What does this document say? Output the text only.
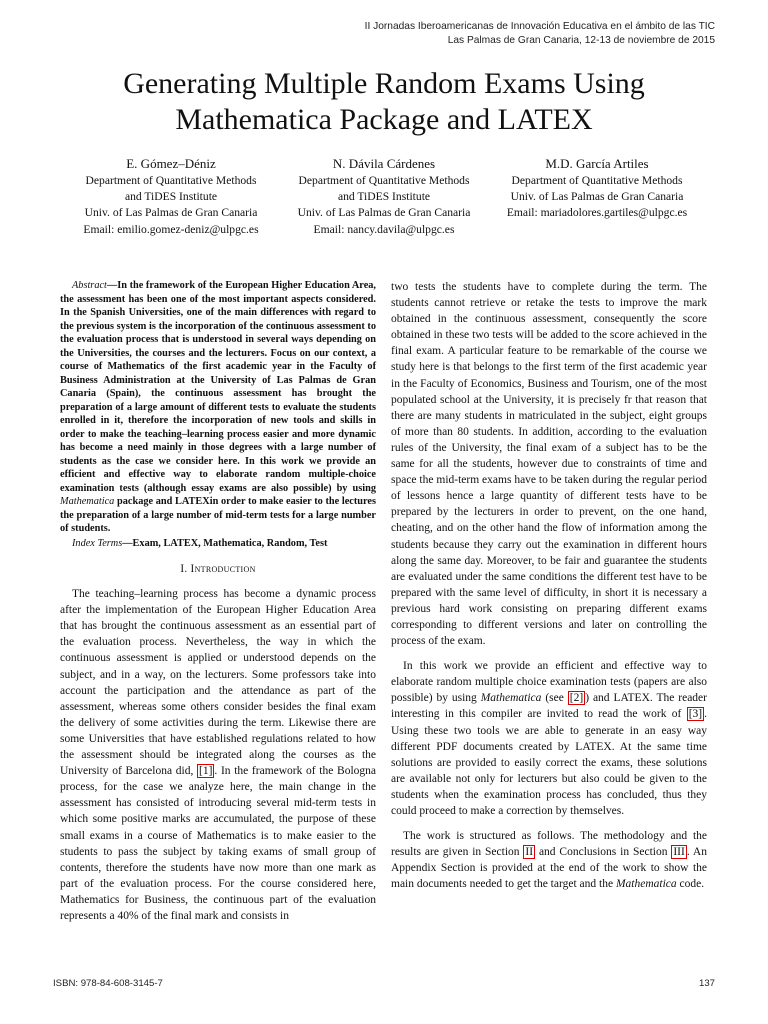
II Jornadas Iberoamericanas de Innovación Educativa en el ámbito de las TIC
Las Palmas de Gran Canaria, 12-13 de noviembre de 2015
Generating Multiple Random Exams Using
Mathematica Package and LATEX
E. Gómez–Déniz
Department of Quantitative Methods
and TiDES Institute
Univ. of Las Palmas de Gran Canaria
Email: emilio.gomez-deniz@ulpgc.es
N. Dávila Cárdenes
Department of Quantitative Methods
and TiDES Institute
Univ. of Las Palmas de Gran Canaria
Email: nancy.davila@ulpgc.es
M.D. García Artiles
Department of Quantitative Methods
Univ. of Las Palmas de Gran Canaria
Email: mariadolores.gartiles@ulpgc.es

Abstract—In the framework of the European Higher Education Area, the assessment has been one of the most important aspects considered. In the Spanish Universities, one of the main differences with regard to the previous system is the incorporation of the continuous assessment to the evaluation process that is understood in several ways depending on the Universities, the courses and the lecturers. Focus on our context, a course of Mathematics of the first academic year in the Faculty of Business Administration at the University of Las Palmas de Gran Canaria (Spain), the continuous assessment has brought the preparation of a large amount of different tests to evaluate the students enrolled in it, therefore the incorporation of new tools and skills in order to make the teaching–learning process easier and more dynamic has become a need mainly in those degrees with a large number of students as the case we consider here. In this work we provide an efficient and effective way to elaborate random multiple-choice examination tests (although essay exams are also possible) by using Mathematica package and LATEXin order to make easier to the lectures the preparation of a large number of mid-term tests for a large number of students.

Index Terms—Exam, LATEX, Mathematica, Random, Test

I. Introduction

The teaching–learning process has become a dynamic process after the implementation of the European Higher Education Area that has brought the continuous assessment as an essential part of the evaluation process. Nevertheless, the way in which the continuous assessment is applied or understood depends on the subject, and in a way, on the lecturers. Some professors take into account the participation and the attendance as part of the assessment, whereas some others consider besides the final exam the delivery of some activities during the term. Likewise there are some Universities that have established regulations related to how the assessment should be integrated along the courses as the University of Barcelona did, [1] . In the framework of the Bologna process, for the case we analyze here, the main change in the assessment has consisted of introducing several mid-term tests in which some positive marks are accumulated, the purpose of these small exams in a course of Mathematics is to make easier to the students to pass the subject by taking exams of small group of contents, therefore the students have now more than one mark as part of the evaluation process. For the course considered here, Mathematics for Business, the continuous part of the evaluation represents a 40% of the final mark and consists in

two tests the students have to complete during the term. The students cannot retrieve or retake the tests to improve the mark obtained in the continuous assessment, consequently the score obtained in these two tests will be added to the score achieved in the final exam. A particular feature to be remarkable of the course we study here is that belongs to the first term of the first academic year in the Faculty of Economics, Business and Tourism, one of the most populated school at the University, it is precisely fr that reason that there are many students in matriculated in the subject, eight groups of more than 80 students. In addition, according to the evaluation rules of the University, the final exam of a subject has to be the same for all the students, however due to constraints of time and space the mid-term exams have to be taken during the regular period of lessons hence a large quantity of different tests have to be prepared by the lecturers in order to prevent, on the one hand, cheating, and on the other hand the flow of information among the students because they carry out the examination in different hours along the same day. Moreover, to be fair and guarantee the students are evaluated under the same conditions the different test have to be prepared with the same level of difficulty, in short it is necessary a previous hard work consisting on preparing different exams corresponding to different versions and later on controlling the process of the exam.

In this work we provide an efficient and effective way to elaborate random multiple choice examination tests (papers are also possible) by using Mathematica (see [2] ) and LATEX. The reader interesting in this compiler are invited to read the work of [3] . Using these two tools we are able to generate in an easy way different PDF documents created by LATEX. At the same time solutions are provided to easily correct the exams, these solutions are available not only for lecturers but also could be given to the students when the examination process has concluded, thus they could proceed to make a correction by themselves.

The work is structured as follows. The methodology and the results are given in Section II and Conclusions in Section III . An Appendix Section is provided at the end of the work to show the main documents needed to get the target and the Mathematica code.

ISBN: 978-84-608-3145-7	137
